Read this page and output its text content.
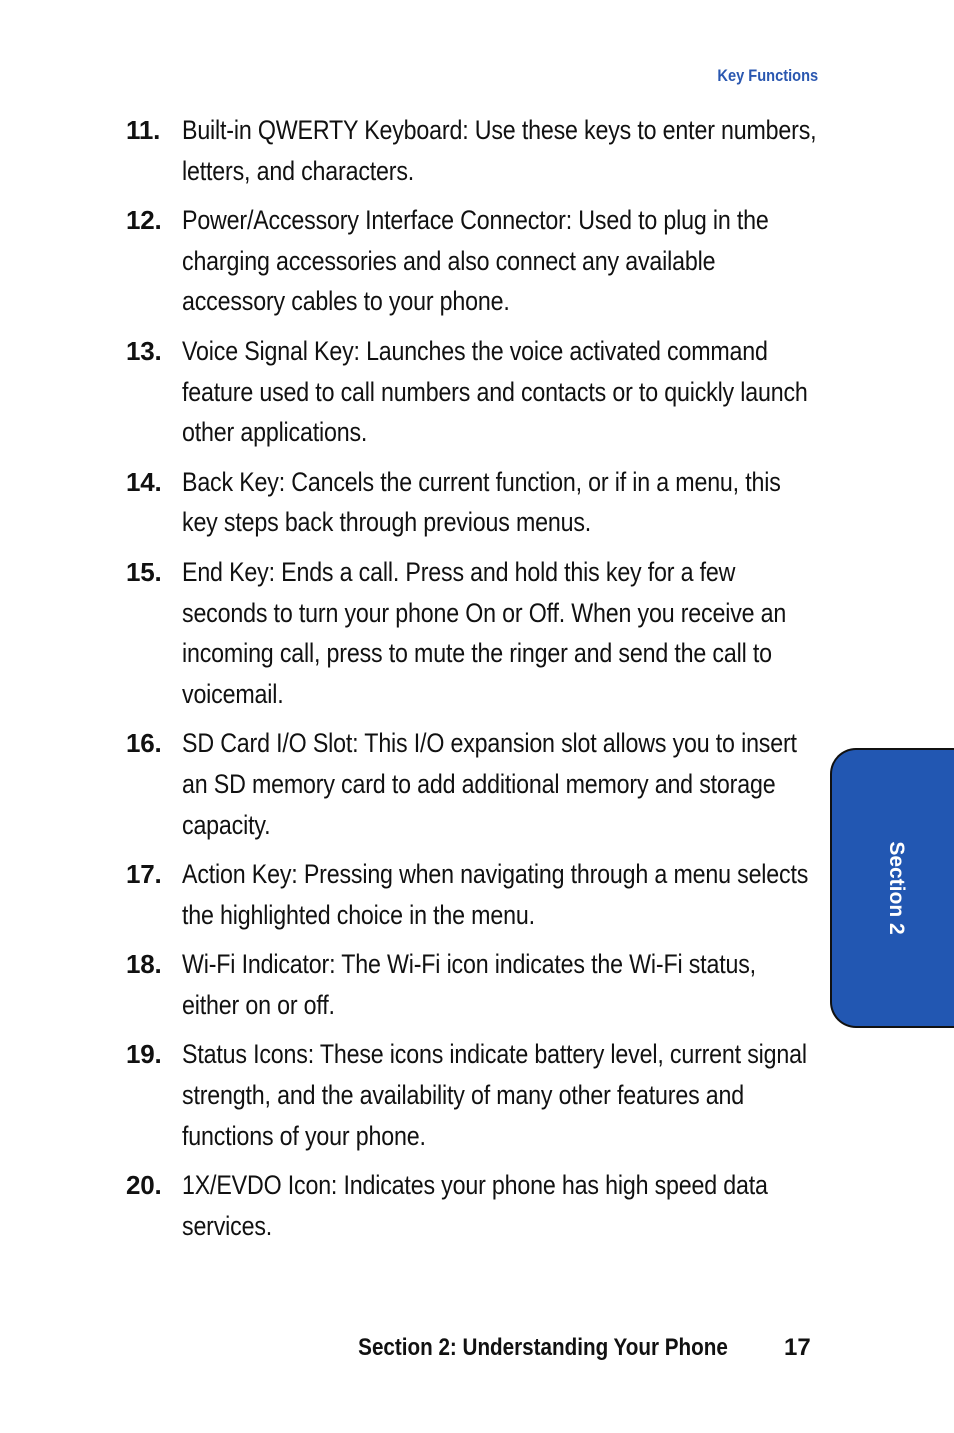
Key Functions
11. Built-in QWERTY Keyboard: Use these keys to enter numbers, letters, and characters.
12. Power/Accessory Interface Connector: Used to plug in the charging accessories and also connect any available accessory cables to your phone.
13. Voice Signal Key: Launches the voice activated command feature used to call numbers and contacts or to quickly launch other applications.
14. Back Key: Cancels the current function, or if in a menu, this key steps back through previous menus.
15. End Key: Ends a call. Press and hold this key for a few seconds to turn your phone On or Off. When you receive an incoming call, press to mute the ringer and send the call to voicemail.
16. SD Card I/O Slot: This I/O expansion slot allows you to insert an SD memory card to add additional memory and storage capacity.
17. Action Key: Pressing when navigating through a menu selects the highlighted choice in the menu.
18. Wi-Fi Indicator: The Wi-Fi icon indicates the Wi-Fi status, either on or off.
19. Status Icons: These icons indicate battery level, current signal strength, and the availability of many other features and functions of your phone.
20. 1X/EVDO Icon: Indicates your phone has high speed data services.
Section 2
Section 2: Understanding Your Phone 17
